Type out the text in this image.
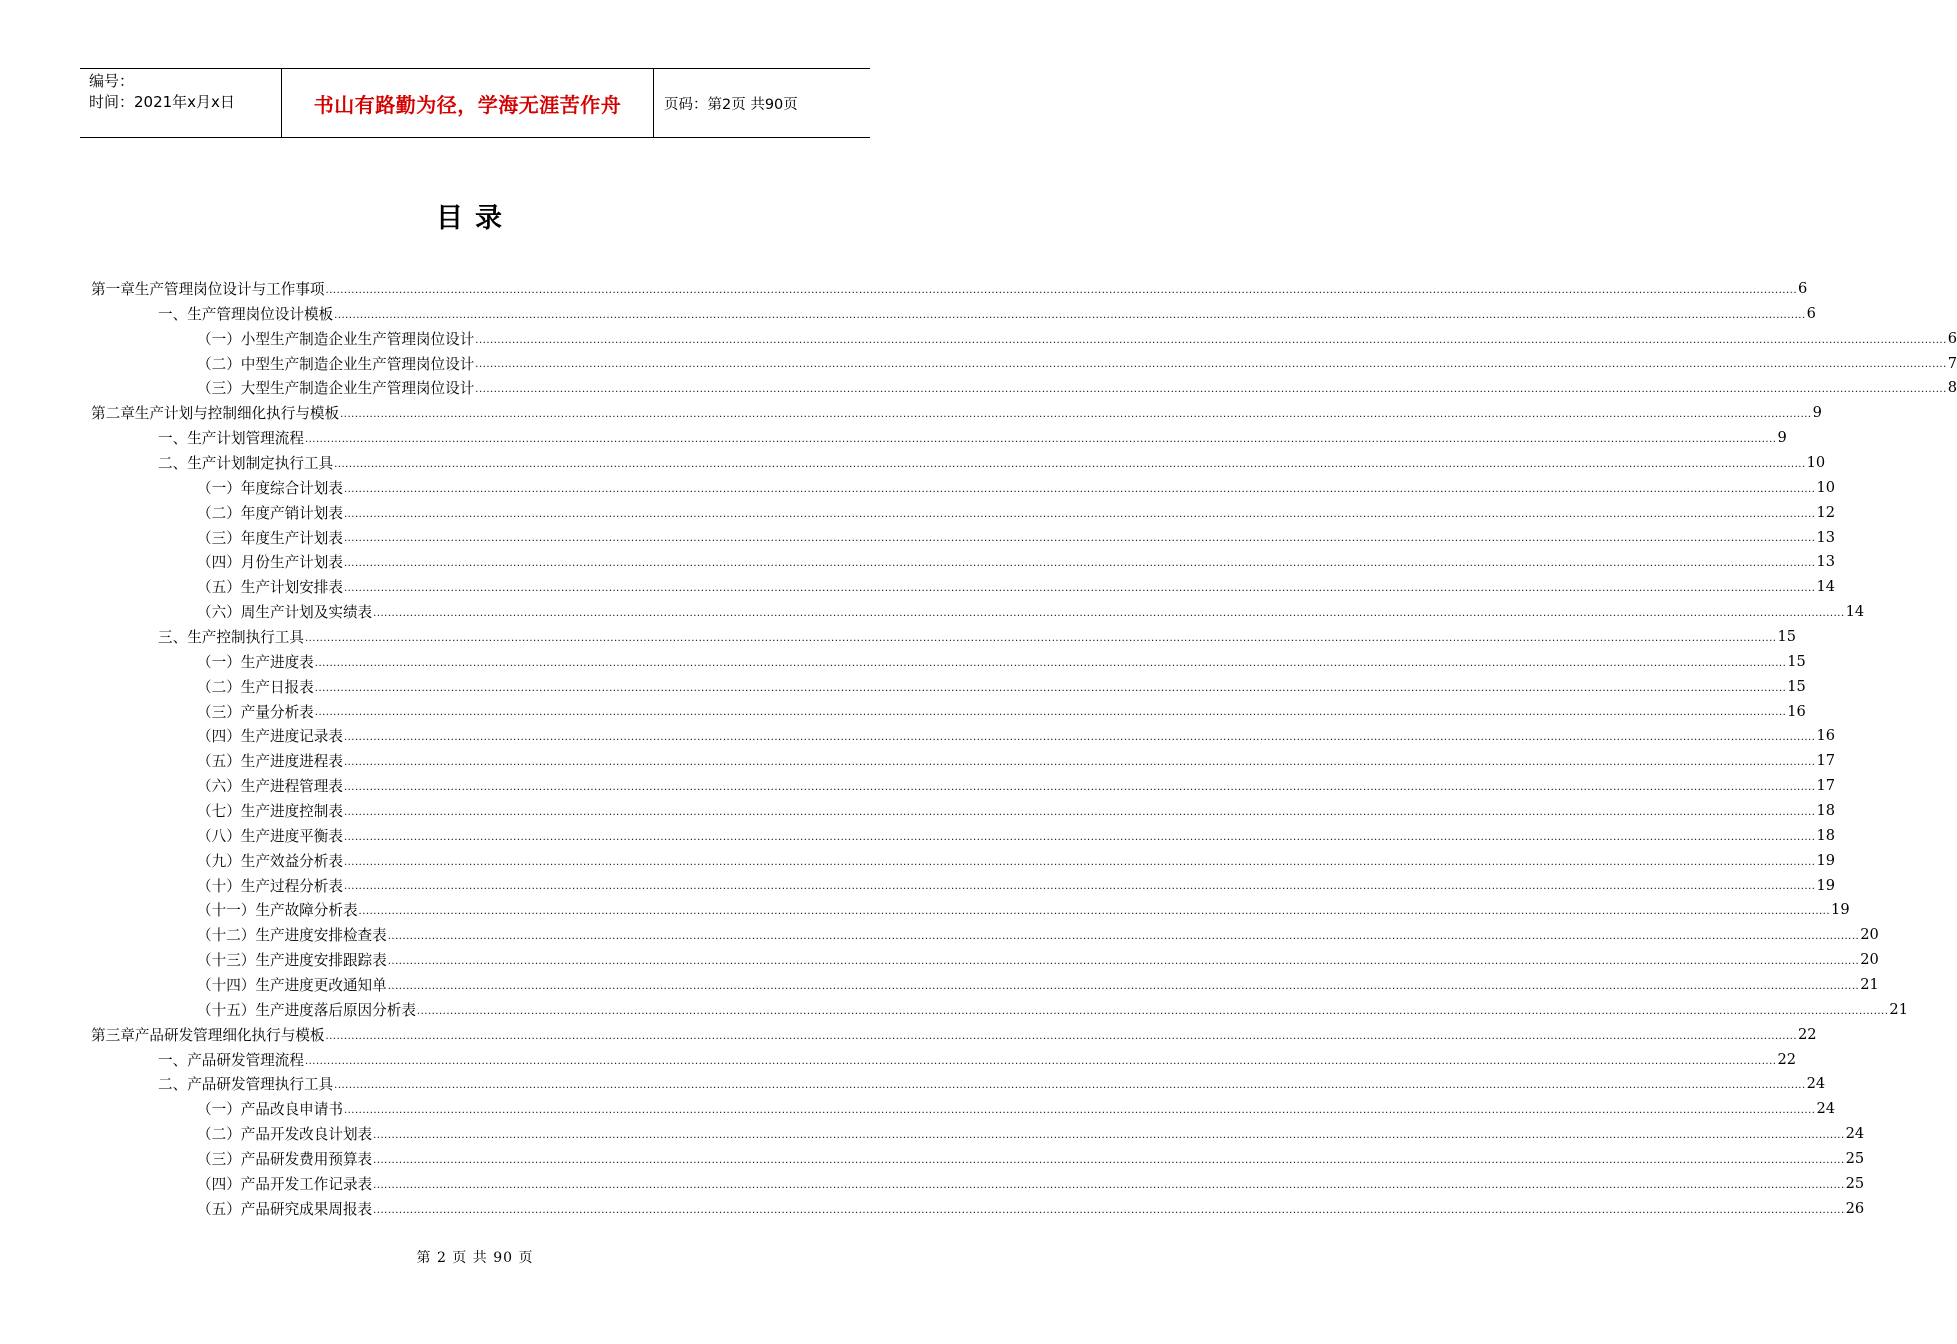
编号：
时间：2021年x月x日	书山有路勤为径，学海无涯苦作舟	页码：第2页 共90页
目录
第一章 生产管理岗位设计与工作事项 ................................................................................................................................................................................................................................................................................................................................................................................................................ 6
一、生产管理岗位设计模板 ................................................................................................................................................................................................................................................................................................................................................................................................................ 6
（一）小型生产制造企业生产管理岗位设计 ................................................................................................................................................................................................................................................................................................................................................................................................................ 6
（二）中型生产制造企业生产管理岗位设计 ................................................................................................................................................................................................................................................................................................................................................................................................................ 7
（三）大型生产制造企业生产管理岗位设计 ................................................................................................................................................................................................................................................................................................................................................................................................................ 8
第二章 生产计划与控制细化执行与模板 ................................................................................................................................................................................................................................................................................................................................................................................................................ 9
一、生产计划管理流程 ................................................................................................................................................................................................................................................................................................................................................................................................................ 9
二、生产计划制定执行工具 ................................................................................................................................................................................................................................................................................................................................................................................................................ 10
（一）年度综合计划表 ................................................................................................................................................................................................................................................................................................................................................................................................................ 10
（二）年度产销计划表 ................................................................................................................................................................................................................................................................................................................................................................................................................ 12
（三）年度生产计划表 ................................................................................................................................................................................................................................................................................................................................................................................................................ 13
（四）月份生产计划表 ................................................................................................................................................................................................................................................................................................................................................................................................................ 13
（五）生产计划安排表 ................................................................................................................................................................................................................................................................................................................................................................................................................ 14
（六）周生产计划及实绩表 ................................................................................................................................................................................................................................................................................................................................................................................................................ 14
三、生产控制执行工具 ................................................................................................................................................................................................................................................................................................................................................................................................................ 15
（一）生产进度表 ................................................................................................................................................................................................................................................................................................................................................................................................................ 15
（二）生产日报表 ................................................................................................................................................................................................................................................................................................................................................................................................................ 15
（三）产量分析表 ................................................................................................................................................................................................................................................................................................................................................................................................................ 16
（四）生产进度记录表 ................................................................................................................................................................................................................................................................................................................................................................................................................ 16
（五）生产进度进程表 ................................................................................................................................................................................................................................................................................................................................................................................................................ 17
（六）生产进程管理表 ................................................................................................................................................................................................................................................................................................................................................................................................................ 17
（七）生产进度控制表 ................................................................................................................................................................................................................................................................................................................................................................................................................ 18
（八）生产进度平衡表 ................................................................................................................................................................................................................................................................................................................................................................................................................ 18
（九）生产效益分析表 ................................................................................................................................................................................................................................................................................................................................................................................................................ 19
（十）生产过程分析表 ................................................................................................................................................................................................................................................................................................................................................................................................................ 19
（十一）生产故障分析表 ................................................................................................................................................................................................................................................................................................................................................................................................................ 19
（十二）生产进度安排检查表 ................................................................................................................................................................................................................................................................................................................................................................................................................ 20
（十三）生产进度安排跟踪表 ................................................................................................................................................................................................................................................................................................................................................................................................................ 20
（十四）生产进度更改通知单 ................................................................................................................................................................................................................................................................................................................................................................................................................ 21
（十五）生产进度落后原因分析表 ................................................................................................................................................................................................................................................................................................................................................................................................................ 21
第三章 产品研发管理细化执行与模板 ................................................................................................................................................................................................................................................................................................................................................................................................................ 22
一、产品研发管理流程 ................................................................................................................................................................................................................................................................................................................................................................................................................ 22
二、产品研发管理执行工具 ................................................................................................................................................................................................................................................................................................................................................................................................................ 24
（一）产品改良申请书 ................................................................................................................................................................................................................................................................................................................................................................................................................ 24
（二）产品开发改良计划表 ................................................................................................................................................................................................................................................................................................................................................................................................................ 24
（三）产品研发费用预算表 ................................................................................................................................................................................................................................................................................................................................................................................................................ 25
（四）产品开发工作记录表 ................................................................................................................................................................................................................................................................................................................................................................................................................ 25
（五）产品研究成果周报表 ................................................................................................................................................................................................................................................................................................................................................................................................................ 26
第 2 页 共 90 页
